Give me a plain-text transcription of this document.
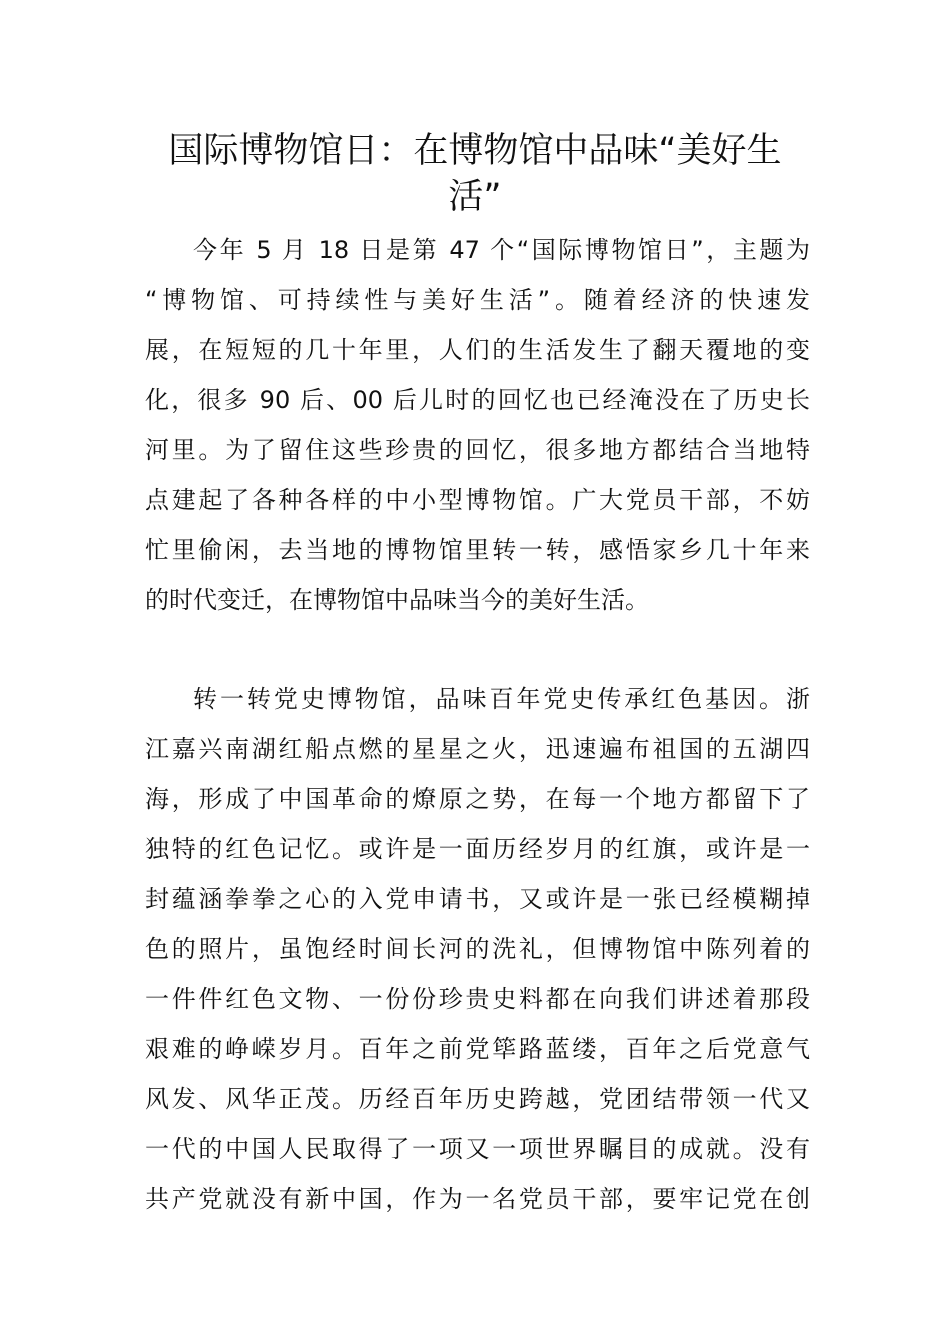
国际博物馆日：在博物馆中品味“美好生
活”
今年 5 月 18 日是第 47 个“国际博物馆日”，主题为
“博物馆、可持续性与美好生活”。随着经济的快速发
展，在短短的几十年里，人们的生活发生了翻天覆地的变
化，很多 90 后、00 后儿时的回忆也已经淹没在了历史长
河里。为了留住这些珍贵的回忆，很多地方都结合当地特
点建起了各种各样的中小型博物馆。广大党员干部，不妨
忙里偷闲，去当地的博物馆里转一转，感悟家乡几十年来
的时代变迁，在博物馆中品味当今的美好生活。
转一转党史博物馆，品味百年党史传承红色基因。浙
江嘉兴南湖红船点燃的星星之火，迅速遍布祖国的五湖四
海，形成了中国革命的燎原之势，在每一个地方都留下了
独特的红色记忆。或许是一面历经岁月的红旗，或许是一
封蕴涵拳拳之心的入党申请书，又或许是一张已经模糊掉
色的照片，虽饱经时间长河的洗礼，但博物馆中陈列着的
一件件红色文物、一份份珍贵史料都在向我们讲述着那段
艰难的峥嵘岁月。百年之前党筚路蓝缕，百年之后党意气
风发、风华正茂。历经百年历史跨越，党团结带领一代又
一代的中国人民取得了一项又一项世界瞩目的成就。没有
共产党就没有新中国，作为一名党员干部，要牢记党在创
